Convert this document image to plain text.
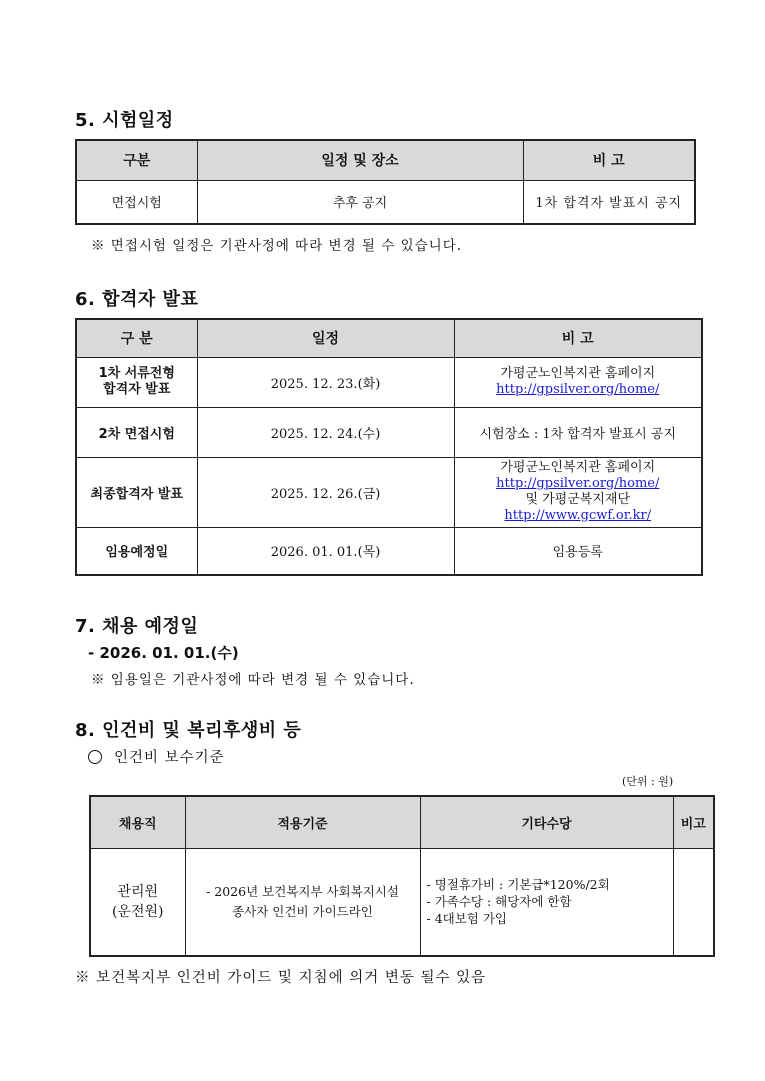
5. 시험일정
구분	일정 및 장소	비 고
면접시험	추후 공지	1차 합격자 발표시 공지
※ 면접시험 일정은 기관사정에 따라 변경 될 수 있습니다.
6. 합격자 발표
구 분	일정	비 고

1차 서류전형
합격자 발표	2025. 12. 23.(화)	가평군노인복지관 홈페이지
http://gpsilver.org/home/

2차 면접시험	2025. 12. 24.(수)	시험장소 : 1차 합격자 발표시 공지
최종합격자 발표	2025. 12. 26.(금)	가평군노인복지관 홈페이지
http://gpsilver.org/home/
및 가평군복지재단
http://www.gcwf.or.kr/

임용예정일	2026. 01. 01.(목)	임용등록
7. 채용 예정일
- 2026. 01. 01.(수)
※ 임용일은 기관사정에 따라 변경 될 수 있습니다.
8. 인건비 및 복리후생비 등
인건비 보수기준
(단위 : 원)
채용직	적용기준	기타수당	비고

관리원
(운전원)	- 2026년 보건복지부 사회복지시설
종사자 인건비 가이드라인	- 명절휴가비 : 기본급*120%/2회
- 가족수당 : 해당자에 한함
- 4대보험 가입	

※ 보건복지부 인건비 가이드 및 지침에 의거 변동 될수 있음
